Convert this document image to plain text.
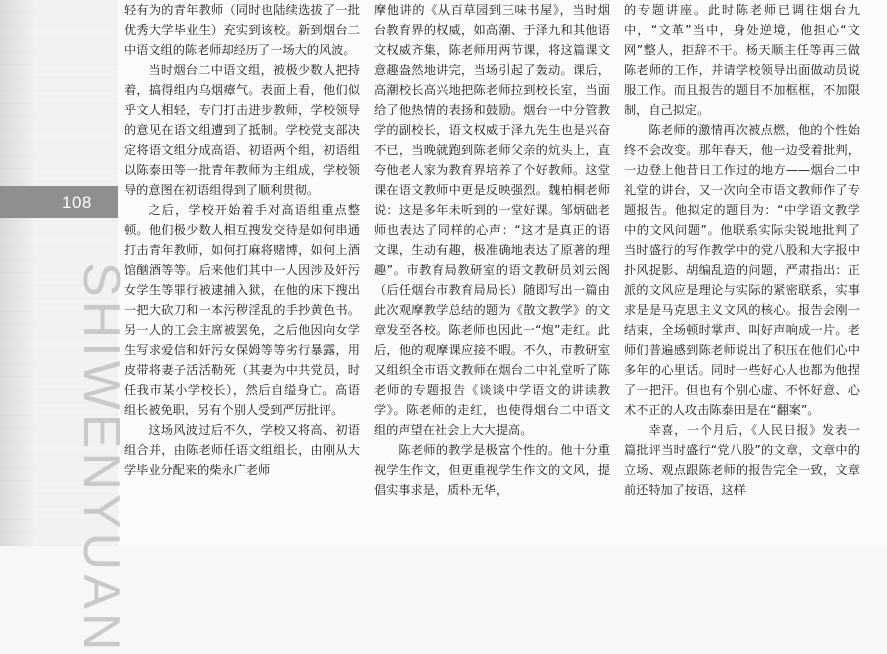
108
SHIWENYUAN

轻有为的青年教师（同时也陆续选拔了一批优秀大学毕业生）充实到该校。新到烟台二中语文组的陈老师却经历了一场大的风波。

当时烟台二中语文组，被极少数人把持着，搞得组内乌烟瘴气。表面上看，他们似乎文人相轻，专门打击进步教师，学校领导的意见在语文组遭到了抵制。学校党支部决定将语文组分成高语、初语两个组，初语组以陈泰田等一批青年教师为主组成，学校领导的意图在初语组得到了顺利贯彻。

之后，学校开始着手对高语组重点整顿。他们极少数人相互搜发交待是如何串通打击青年教师，如何打麻将赌博，如何上酒馆酗酒等等。后来他们其中一人因涉及奸污女学生等罪行被逮捕入狱，在他的床下搜出一把大砍刀和一本污秽淫乱的手抄黄色书。另一人的工会主席被罢免，之后他因向女学生写求爱信和奸污女保姆等等劣行暴露，用皮带将妻子活活勒死（其妻为中共党员，时任我市某小学校长），然后自缢身亡。高语组长被免职，另有个别人受到严厉批评。

这场风波过后不久，学校又将高、初语组合并，由陈老师任语文组组长，由刚从大学毕业分配来的柴永广老师

摩他讲的《从百草园到三味书屋》，当时烟台教育界的权威，如高潮、于泽九和其他语文权威齐集，陈老师用两节课，将这篇课文意趣盎然地讲完，当场引起了轰动。课后，高潮校长高兴地把陈老师拉到校长室，当面给了他热情的表扬和鼓励。烟台一中分管教学的副校长，语文权威于泽九先生也是兴奋不已，当晚就跑到陈老师父亲的炕头上，直夸他老人家为教育界培养了个好教师。这堂课在语文教师中更是反映强烈。魏柏桐老师说：这是多年未听到的一堂好课。邹炳础老师也表达了同样的心声：“这才是真正的语文课，生动有趣，极准确地表达了原著的理趣”。市教育局教研室的语文教研员刘云阁（后任烟台市教育局局长）随即写出一篇由此次观摩教学总结的题为《散文教学》的文章发至各校。陈老师也因此一“炮”走红。此后，他的观摩课应接不暇。不久，市教研室又组织全市语文教师在烟台二中礼堂听了陈老师的专题报告《谈谈中学语文的讲读教学》。陈老师的走红，也使得烟台二中语文组的声望在社会上大大提高。

陈老师的教学是极富个性的。他十分重视学生作文，但更重视学生作文的文风，提倡实事求是，质朴无华，

的专题讲座。此时陈老师已调往烟台九中，“文革”当中，身处逆境，他担心“文网”整人，拒辞不干。杨天顺主任等再三做陈老师的工作，并请学校领导出面做动员说服工作。而且报告的题目不加框框，不加限制，自己拟定。

陈老师的激情再次被点燃，他的个性始终不会改变。那年春天，他一边受着批判，一边登上他昔日工作过的地方——烟台二中礼堂的讲台，又一次向全市语文教师作了专题报告。他拟定的题目为：“中学语文教学中的文风问题”。他联系实际尖锐地批判了当时盛行的写作教学中的党八股和大字报中扑风捉影、胡编乱造的问题，严肃指出：正派的文风应是理论与实际的紧密联系，实事求是是马克思主义文风的核心。报告会刚一结束，全场顿时掌声、叫好声响成一片。老师们普遍感到陈老师说出了积压在他们心中多年的心里话。同时一些好心人也都为他捏了一把汗。但也有个别心虚、不怀好意、心术不正的人攻击陈泰田是在“翻案”。

幸喜，一个月后，《人民日报》发表一篇批评当时盛行“党八股”的文章，文章中的立场、观点跟陈老师的报告完全一致，文章前还特加了按语，这样
